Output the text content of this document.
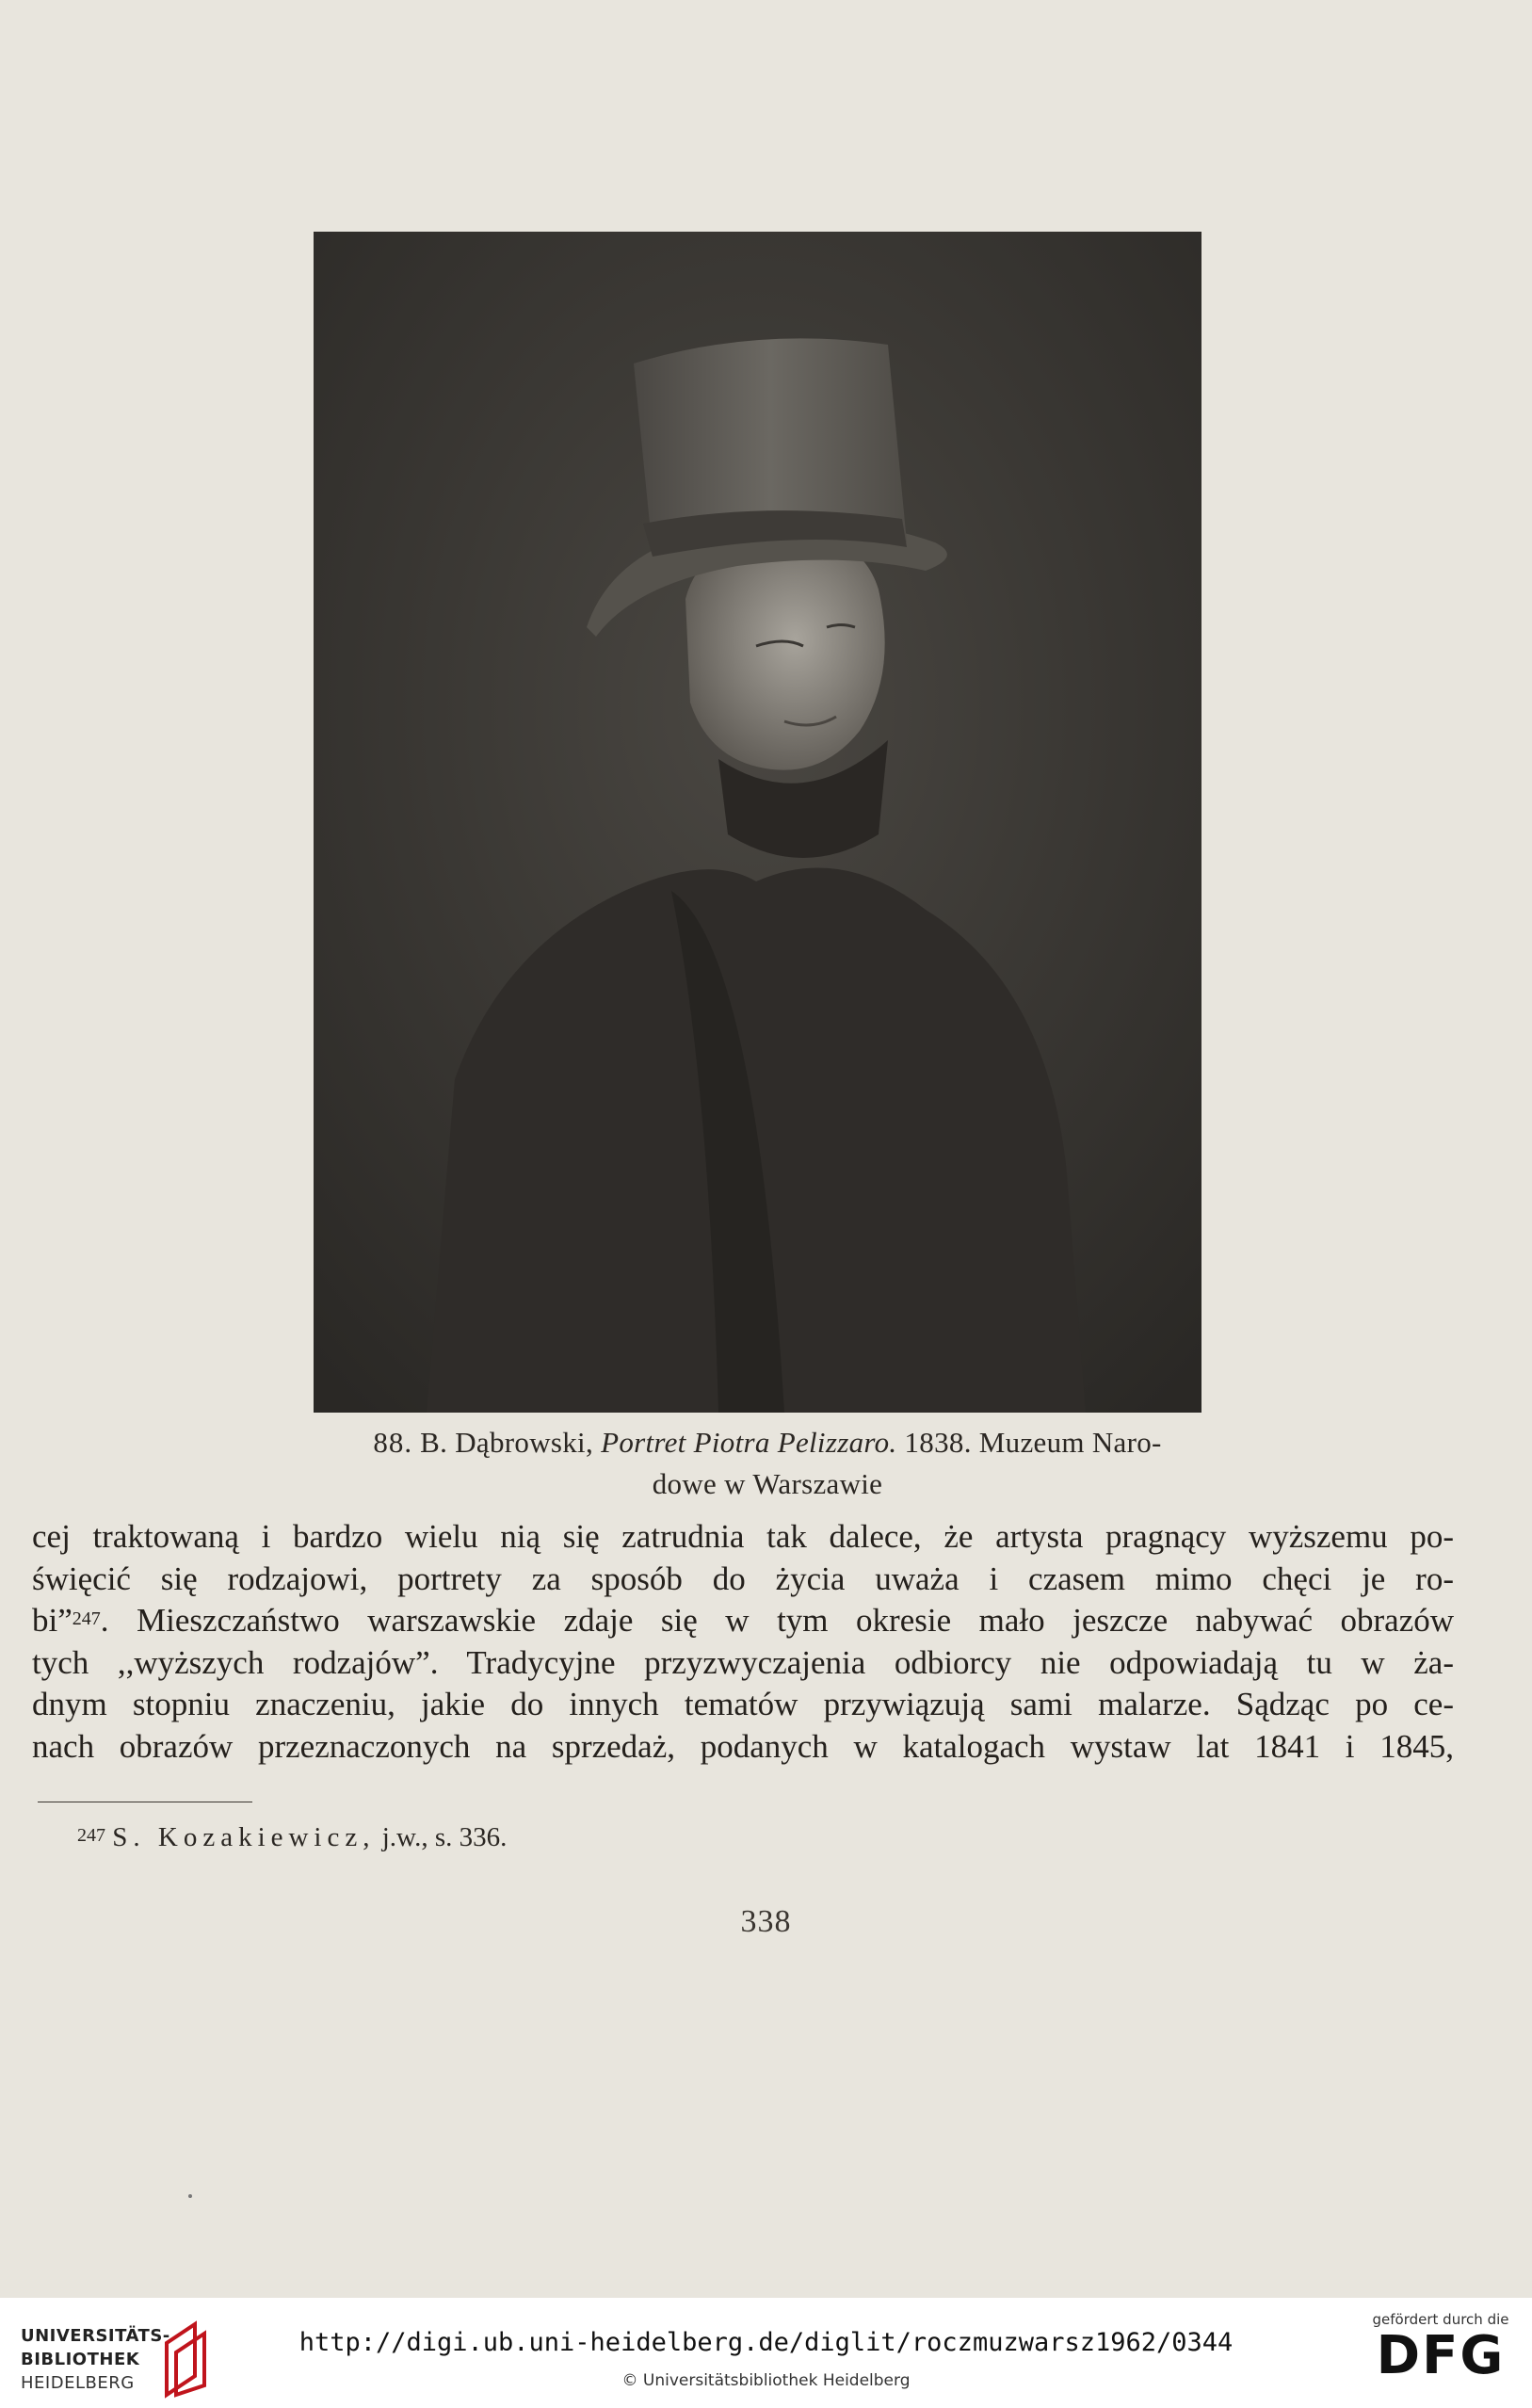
88. B. Dąbrowski, Portret Piotra Pelizzaro. 1838. Muzeum Naro-
dowe w Warszawie
cej traktowaną i bardzo wielu nią się zatrudnia tak dalece, że artysta pragnący wyższemu po-
święcić się rodzajowi, portrety za sposób do życia uważa i czasem mimo chęci je ro-
bi”$^{247}$. Mieszczaństwo warszawskie zdaje się w tym okresie mało jeszcze nabywać obrazów
tych ,,wyższych rodzajów”. Tradycyjne przyzwyczajenia odbiorcy nie odpowiadają tu w ża-
dnym stopniu znaczeniu, jakie do innych tematów przywiązują sami malarze. Sądząc po ce-
nach obrazów przeznaczonych na sprzedaż, podanych w katalogach wystaw lat 1841 i 1845,
$^{247}$ S. Kozakiewicz, j.w., s. 336.
338
UNIVERSITÄTS-
BIBLIOTHEK
HEIDELBERG
http://digi.ub.uni-heidelberg.de/diglit/roczmuzwarsz1962/0344
© Universitätsbibliothek Heidelberg
gefördert durch die
DFG
